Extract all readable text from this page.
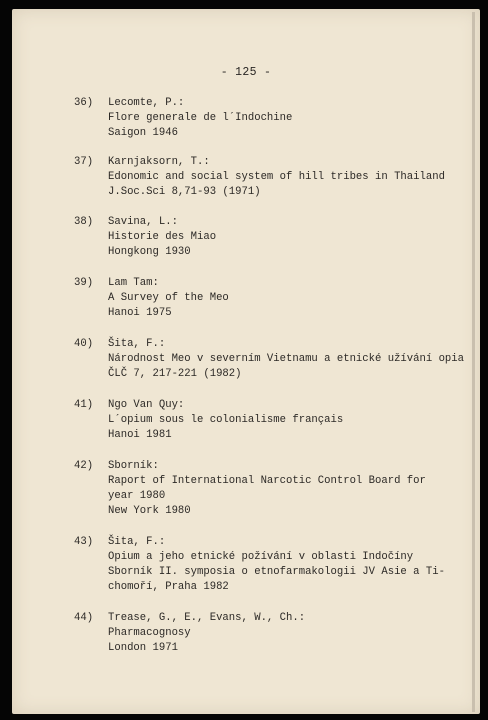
- 125 -
36) Lecomte, P.:
Flore generale de l´Indochine
Saigon 1946
37) Karnjaksorn, T.:
Edonomic and social system of hill tribes in Thailand
J.Soc.Sci 8,71-93 (1971)
38) Savina, L.:
Historie des Miao
Hongkong 1930
39) Lam Tam:
A Survey of the Meo
Hanoi 1975
40) Šita, F.:
Národnost Meo v severním Vietnamu a etnické užívání opia
ČLČ 7, 217-221 (1982)
41) Ngo Van Quy:
L´opium sous le colonialisme français
Hanoi 1981
42) Sborník:
Raport of International Narcotic Control Board for
year 1980
New York 1980
43) Šita, F.:
Opium a jeho etnické požívání v oblasti Indočíny
Sborník II. symposia o etnofarmakologii JV Asie a Ti-
chomoří, Praha 1982
44) Trease, G., E., Evans, W., Ch.:
Pharmacognosy
London 1971
